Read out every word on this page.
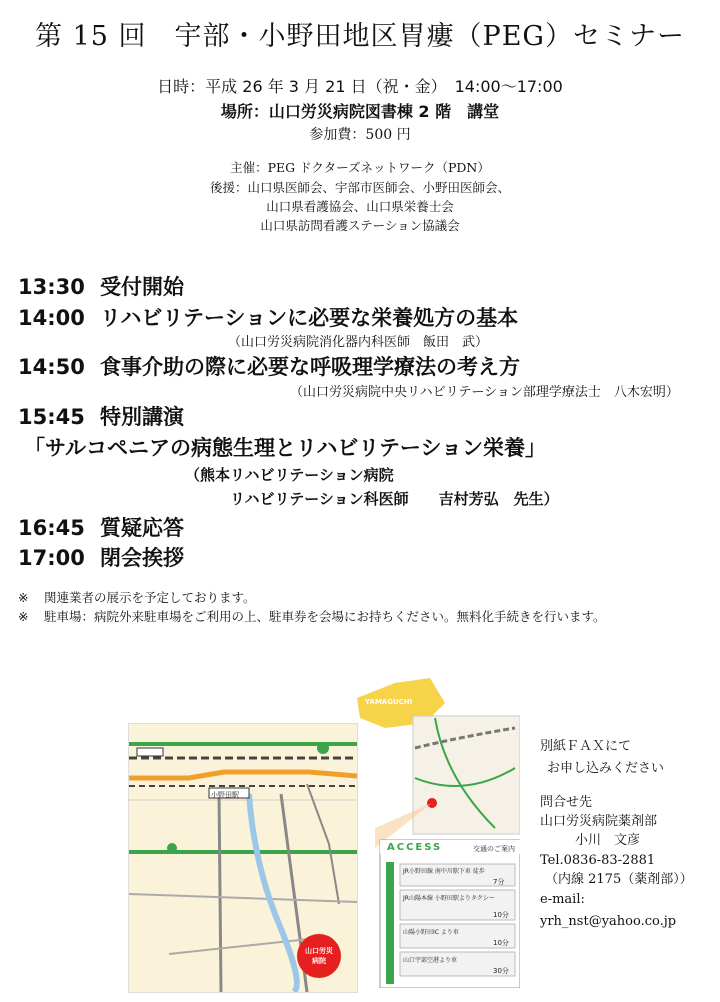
第 15 回　宇部・小野田地区胃瘻（PEG）セミナー
日時：平成 26 年 3 月 21 日（祝・金）　14:00～17:00
場所：山口労災病院図書棟 2 階　講堂
参加費：500 円
主催：PEG ドクターズネットワーク（PDN）
後援：山口県医師会、宇部市医師会、小野田医師会、
山口県看護協会、山口県栄養士会
山口県訪問看護ステーション協議会
13:30 受付開始
14:00 リハビリテーションに必要な栄養処方の基本
（山口労災病院消化器内科医師　飯田　武）
14:50 食事介助の際に必要な呼吸理学療法の考え方
（山口労災病院中央リハビリテーション部理学療法士　八木宏明）
15:45 特別講演
「サルコペニアの病態生理とリハビリテーション栄養」
（熊本リハビリテーション病院
リハビリテーション科医師　　吉村芳弘　先生）
16:45 質疑応答
17:00 閉会挨拶
※ 関連業者の展示を予定しております。
※ 駐車場：病院外来駐車場をご利用の上、駐車券を会場にお持ちください。無料化手続きを行います。
小野田駅
山口労災病院
YAMAGUCHI
ACCESS	交通のご案内
JR小野田線 南中川駅下車 徒歩
7分
JR山陽本線 小野田駅よりタクシー
10分
山陽小野田IC より車
10分
山口宇部空港より車
30分
別紙ＦＡＸにて
お申し込みください
問合せ先
山口労災病院薬剤部
小川　文彦
Tel.0836-83-2881
（内線 2175（薬剤部））
e-mail:
yrh_nst@yahoo.co.jp
